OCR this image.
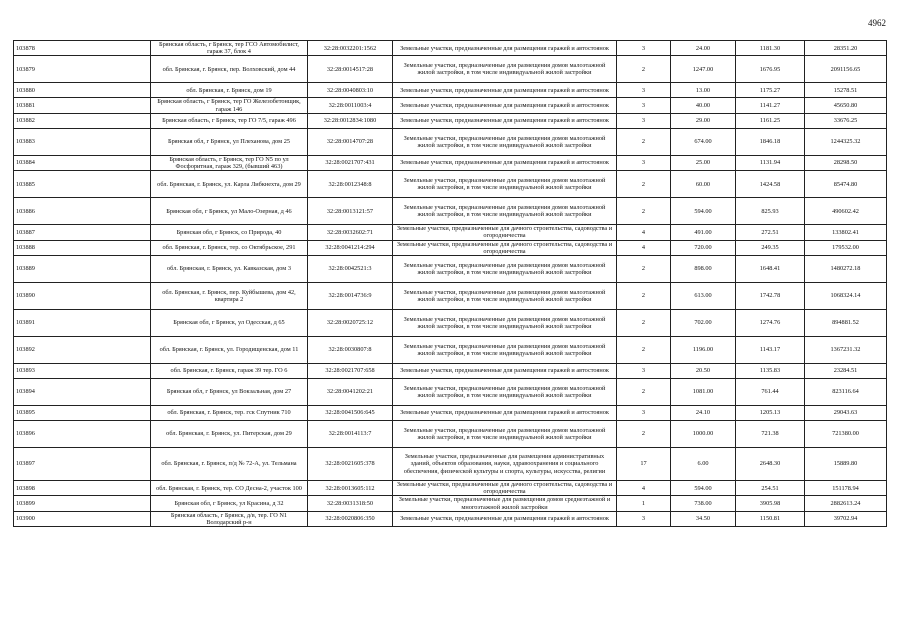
4962
103878	Брянская область, г Брянск, тер ГСО Автомобилист, гараж 37, блок 4	32:28:0032201:1562	Земельные участки, предназначенные для размещения гаражей и автостоянок	3	24.00	1181.30	28351.20
103879	обл. Брянская, г. Брянск, пер. Волховский, дом 44	32:28:0014517:28	Земельные участки, предназначенные для размещения домов малоэтажной жилой застройки, в том числе индивидуальной жилой застройки	2	1247.00	1676.95	2091156.65
103880	обл. Брянская, г. Брянск, дом 19	32:28:0040803:10	Земельные участки, предназначенные для размещения гаражей и автостоянок	3	13.00	1175.27	15278.51
103881	Брянская область, г Брянск, тер ГО Железобетонщик, гараж 146	32:28:0011003:4	Земельные участки, предназначенные для размещения гаражей и автостоянок	3	40.00	1141.27	45650.80
103882	Брянская область, г Брянск, тер ГО 7/5, гараж 496	32:28:0012834:1080	Земельные участки, предназначенные для размещения гаражей и автостоянок	3	29.00	1161.25	33676.25
103883	Брянская обл, г Брянск, ул Плеханова, дом 25	32:28:0014707:28	Земельные участки, предназначенные для размещения домов малоэтажной жилой застройки, в том числе индивидуальной жилой застройки	2	674.00	1846.18	1244325.32
103884	Брянская область, г Брянск, тер ГО N5 по ул Фосфоритная, гараж 329, (бывший 463)	32:28:0021707:431	Земельные участки, предназначенные для размещения гаражей и автостоянок	3	25.00	1131.94	28298.50
103885	обл. Брянская, г. Брянск, ул. Карла Либкнехта, дом 29	32:28:0012348:8	Земельные участки, предназначенные для размещения домов малоэтажной жилой застройки, в том числе индивидуальной жилой застройки	2	60.00	1424.58	85474.80
103886	Брянская обл, г Брянск, ул Мало-Озерная, д 46	32:28:0013121:57	Земельные участки, предназначенные для размещения домов малоэтажной жилой застройки, в том числе индивидуальной жилой застройки	2	594.00	825.93	490602.42
103887	Брянская обл, г Брянск, со Природа, 40	32:28:0032602:71	Земельные участки, предназначенные для дачного строительства, садоводства и огородничества	4	491.00	272.51	133802.41
103888	обл. Брянская, г. Брянск, тер. со Октябрьское, 291	32:28:0041214:294	Земельные участки, предназначенные для дачного строительства, садоводства и огородничества	4	720.00	249.35	179532.00
103889	обл. Брянская, г. Брянск, ул. Кавказская, дом 3	32:28:0042521:3	Земельные участки, предназначенные для размещения домов малоэтажной жилой застройки, в том числе индивидуальной жилой застройки	2	898.00	1648.41	1480272.18
103890	обл. Брянская, г. Брянск, пер. Куйбышева, дом 42, квартира 2	32:28:0014736:9	Земельные участки, предназначенные для размещения домов малоэтажной жилой застройки, в том числе индивидуальной жилой застройки	2	613.00	1742.78	1068324.14
103891	Брянская обл, г Брянск, ул Одесская, д 65	32:28:0020725:12	Земельные участки, предназначенные для размещения домов малоэтажной жилой застройки, в том числе индивидуальной жилой застройки	2	702.00	1274.76	894881.52
103892	обл. Брянская, г. Брянск, ул. Городищенская, дом 11	32:28:0030807:8	Земельные участки, предназначенные для размещения домов малоэтажной жилой застройки, в том числе индивидуальной жилой застройки	2	1196.00	1143.17	1367231.32
103893	обл. Брянская, г. Брянск, гараж 39 тер. ГО 6	32:28:0021707:658	Земельные участки, предназначенные для размещения гаражей и автостоянок	3	20.50	1135.83	23284.51
103894	Брянская обл, г Брянск, ул Вокзальная, дом 27	32:28:0041202:21	Земельные участки, предназначенные для размещения домов малоэтажной жилой застройки, в том числе индивидуальной жилой застройки	2	1081.00	761.44	823116.64
103895	обл. Брянская, г. Брянск, тер. гск Спутник 710	32:28:0041506:645	Земельные участки, предназначенные для размещения гаражей и автостоянок	3	24.10	1205.13	29043.63
103896	обл. Брянская, г. Брянск, ул. Питерская, дом 29	32:28:0014113:7	Земельные участки, предназначенные для размещения домов малоэтажной жилой застройки, в том числе индивидуальной жилой застройки	2	1000.00	721.38	721380.00
103897	обл. Брянская, г. Брянск, п/д № 72-А, ул. Тельмана	32:28:0021605:378	Земельные участки, предназначенные для размещения административных зданий, объектов образования, науки, здравоохранения и социального обеспечения, физической культуры и спорта, культуры, искусства, религии	17	6.00	2648.30	15889.80
103898	обл. Брянская, г. Брянск, тер. СО Десна-2, участок 100	32:28:0013605:112	Земельные участки, предназначенные для дачного строительства, садоводства и огородничества	4	594.00	254.51	151178.94
103899	Брянская обл, г Брянск, ул Красина, д 32	32:28:0031318:50	Земельные участки, предназначенные для размещения домов среднеэтажной и многоэтажной жилой застройки	1	738.00	3905.98	2882613.24
103900	Брянская область, г Брянск, д/в, тер. ГО N1 Володарский р-н	32:28:0020806:350	Земельные участки, предназначенные для размещения гаражей и автостоянок	3	34.50	1150.81	39702.94
